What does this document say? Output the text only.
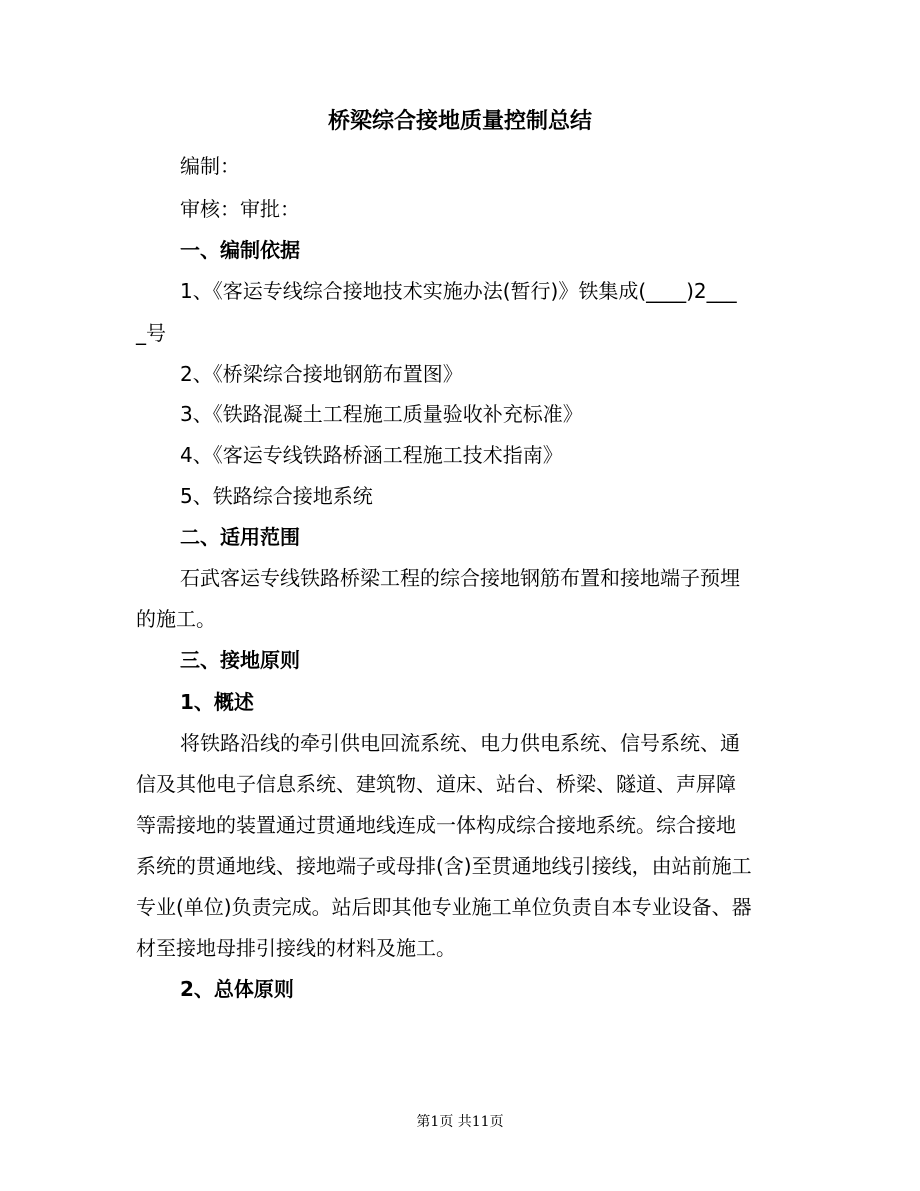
桥梁综合接地质量控制总结
编制：
审核：审批：
一、编制依据
1、《客运专线综合接地技术实施办法(暂行)》铁集成(____)2___
_号
2、《桥梁综合接地钢筋布置图》
3、《铁路混凝土工程施工质量验收补充标准》
4、《客运专线铁路桥涵工程施工技术指南》
5、铁路综合接地系统
二、适用范围
石武客运专线铁路桥梁工程的综合接地钢筋布置和接地端子预埋
的施工。
三、接地原则
1、概述
将铁路沿线的牵引供电回流系统、电力供电系统、信号系统、通
信及其他电子信息系统、建筑物、道床、站台、桥梁、隧道、声屏障
等需接地的装置通过贯通地线连成一体构成综合接地系统。综合接地
系统的贯通地线、接地端子或母排(含)至贯通地线引接线，由站前施工
专业(单位)负责完成。站后即其他专业施工单位负责自本专业设备、器
材至接地母排引接线的材料及施工。
2、总体原则
第1页 共11页
